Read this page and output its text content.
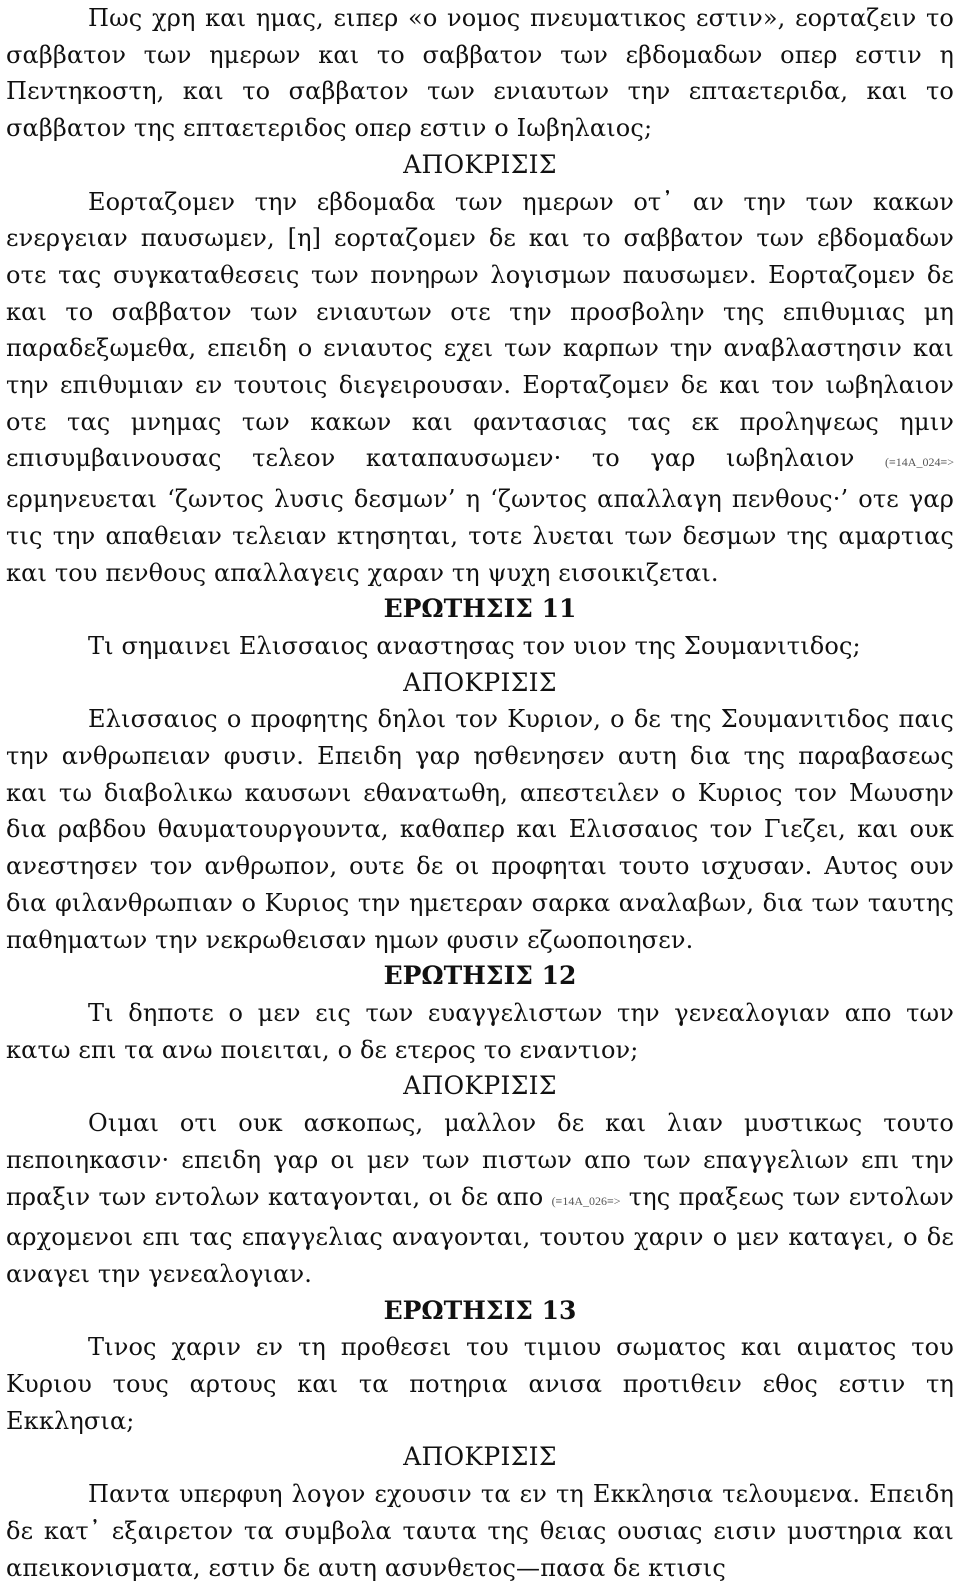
Πως χρη και ημας, ειπερ «ο νομος πνευματικος εστιν», εορταζειν το σαββατον των ημερων και το σαββατον των εβδομαδων οπερ εστιν η Πεντηκοστη, και το σαββατον των ενιαυτων την επταετεριδα, και το σαββατον της επταετεριδος οπερ εστιν ο Ιωβηλαιος;

ΑΠΟΚΡΙΣΙΣ

Εορταζομεν την εβδομαδα των ημερων οτ᾽ αν την των κακων ενεργειαν παυσωμεν, [η] εορταζομεν δε και το σαββατον των εβδομαδων οτε τας συγκαταθεσεις των πονηρων λογισμων παυσωμεν. Εορταζομεν δε και το σαββατον των ενιαυτων οτε την προσβολην της επιθυμιας μη παραδεξωμεθα, επειδη ο ενιαυτος εχει των καρπων την αναβλαστησιν και την επιθυμιαν εν τουτοις διεγειρουσαν. Εορταζομεν δε και τον ιωβηλαιον οτε τας μνημας των κακων και φαντασιας τας εκ προληψεως ημιν επισυμβαινουσας τελεον καταπαυσωμεν· το γαρ ιωβηλαιον (≡14A_024≡> ερμηνευεται ‘ζωντος λυσις δεσμων’ η ‘ζωντος απαλλαγη πενθους·’ οτε γαρ τις την απαθειαν τελειαν κτησηται, τοτε λυεται των δεσμων της αμαρτιας και του πενθους απαλλαγεις χαραν τη ψυχη εισοικιζεται.

ΕΡΩΤΗΣΙΣ 11

Τι σημαινει Ελισσαιος αναστησας τον υιον της Σουμανιτιδος;

ΑΠΟΚΡΙΣΙΣ

Ελισσαιος ο προφητης δηλοι τον Κυριον, ο δε της Σουμανιτιδος παις την ανθρωπειαν φυσιν. Επειδη γαρ ησθενησεν αυτη δια της παραβασεως και τω διαβολικω καυσωνι εθανατωθη, απεστειλεν ο Κυριος τον Μωυσην δια ραβδου θαυματουργουντα, καθαπερ και Ελισσαιος τον Γιεζει, και ουκ ανεστησεν τον ανθρωπον, ουτε δε οι προφηται τουτο ισχυσαν. Αυτος ουν δια φιλανθρωπιαν ο Κυριος την ημετεραν σαρκα αναλαβων, δια των ταυτης παθηματων την νεκρωθεισαν ημων φυσιν εζωοποιησεν.

ΕΡΩΤΗΣΙΣ 12

Τι δηποτε ο μεν εις των ευαγγελιστων την γενεαλογιαν απο των κατω επι τα ανω ποιειται, ο δε ετερος το εναντιον;

ΑΠΟΚΡΙΣΙΣ

Οιμαι οτι ουκ ασκοπως, μαλλον δε και λιαν μυστικως τουτο πεποιηκασιν· επειδη γαρ οι μεν των πιστων απο των επαγγελιων επι την πραξιν των εντολων καταγονται, οι δε απο (≡14A_026≡> της πραξεως των εντολων αρχομενοι επι τας επαγγελιας αναγονται, τουτου χαριν ο μεν καταγει, ο δε αναγει την γενεαλογιαν.

ΕΡΩΤΗΣΙΣ 13

Τινος χαριν εν τη προθεσει του τιμιου σωματος και αιματος του Κυριου τους αρτους και τα ποτηρια ανισα προτιθειν εθος εστιν τη Εκκλησια;

ΑΠΟΚΡΙΣΙΣ

Παντα υπερφυη λογον εχουσιν τα εν τη Εκκλησια τελουμενα. Επειδη δε κατ᾽ εξαιρετον τα συμβολα ταυτα της θειας ουσιας εισιν μυστηρια και απεικονισματα, εστιν δε αυτη ασυνθετος—πασα δε κτισις
